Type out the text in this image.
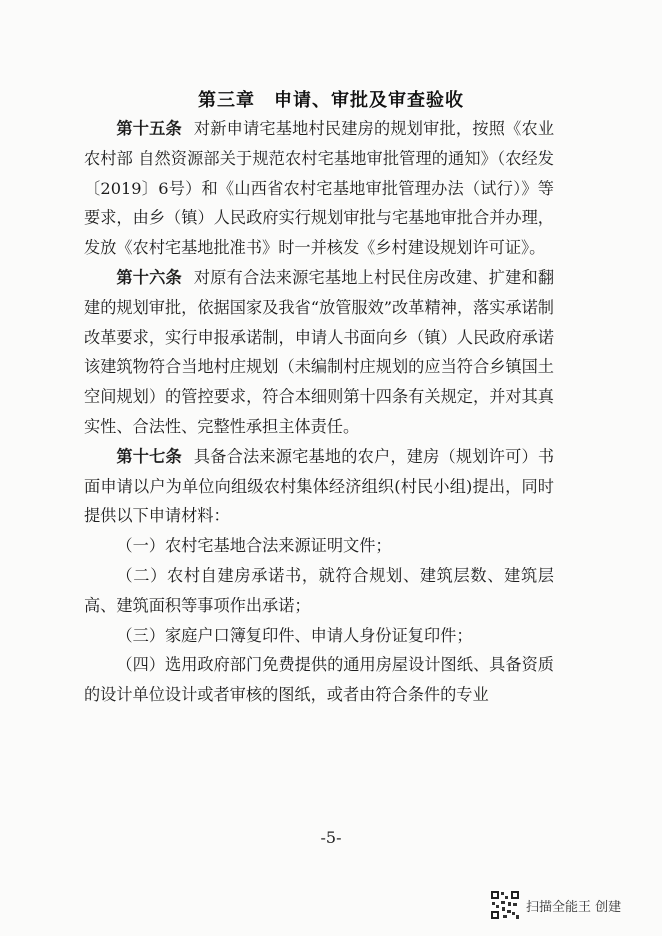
第三章　申请、审批及审查验收

第十五条 对新申请宅基地村民建房的规划审批，按照《农业农村部 自然资源部关于规范农村宅基地审批管理的通知》（农经发〔2019〕6号）和《山西省农村宅基地审批管理办法（试行）》等要求，由乡（镇）人民政府实行规划审批与宅基地审批合并办理，发放《农村宅基地批准书》时一并核发《乡村建设规划许可证》。

第十六条 对原有合法来源宅基地上村民住房改建、扩建和翻建的规划审批，依据国家及我省“放管服效”改革精神，落实承诺制改革要求，实行申报承诺制，申请人书面向乡（镇）人民政府承诺该建筑物符合当地村庄规划（未编制村庄规划的应当符合乡镇国土空间规划）的管控要求，符合本细则第十四条有关规定，并对其真实性、合法性、完整性承担主体责任。

第十七条 具备合法来源宅基地的农户，建房（规划许可）书面申请以户为单位向组级农村集体经济组织(村民小组)提出，同时提供以下申请材料：

（一）农村宅基地合法来源证明文件；

（二）农村自建房承诺书，就符合规划、建筑层数、建筑层高、建筑面积等事项作出承诺；

（三）家庭户口簿复印件、申请人身份证复印件；

（四）选用政府部门免费提供的通用房屋设计图纸、具备资质的设计单位设计或者审核的图纸，或者由符合条件的专业

-5-
扫描全能王 创建
